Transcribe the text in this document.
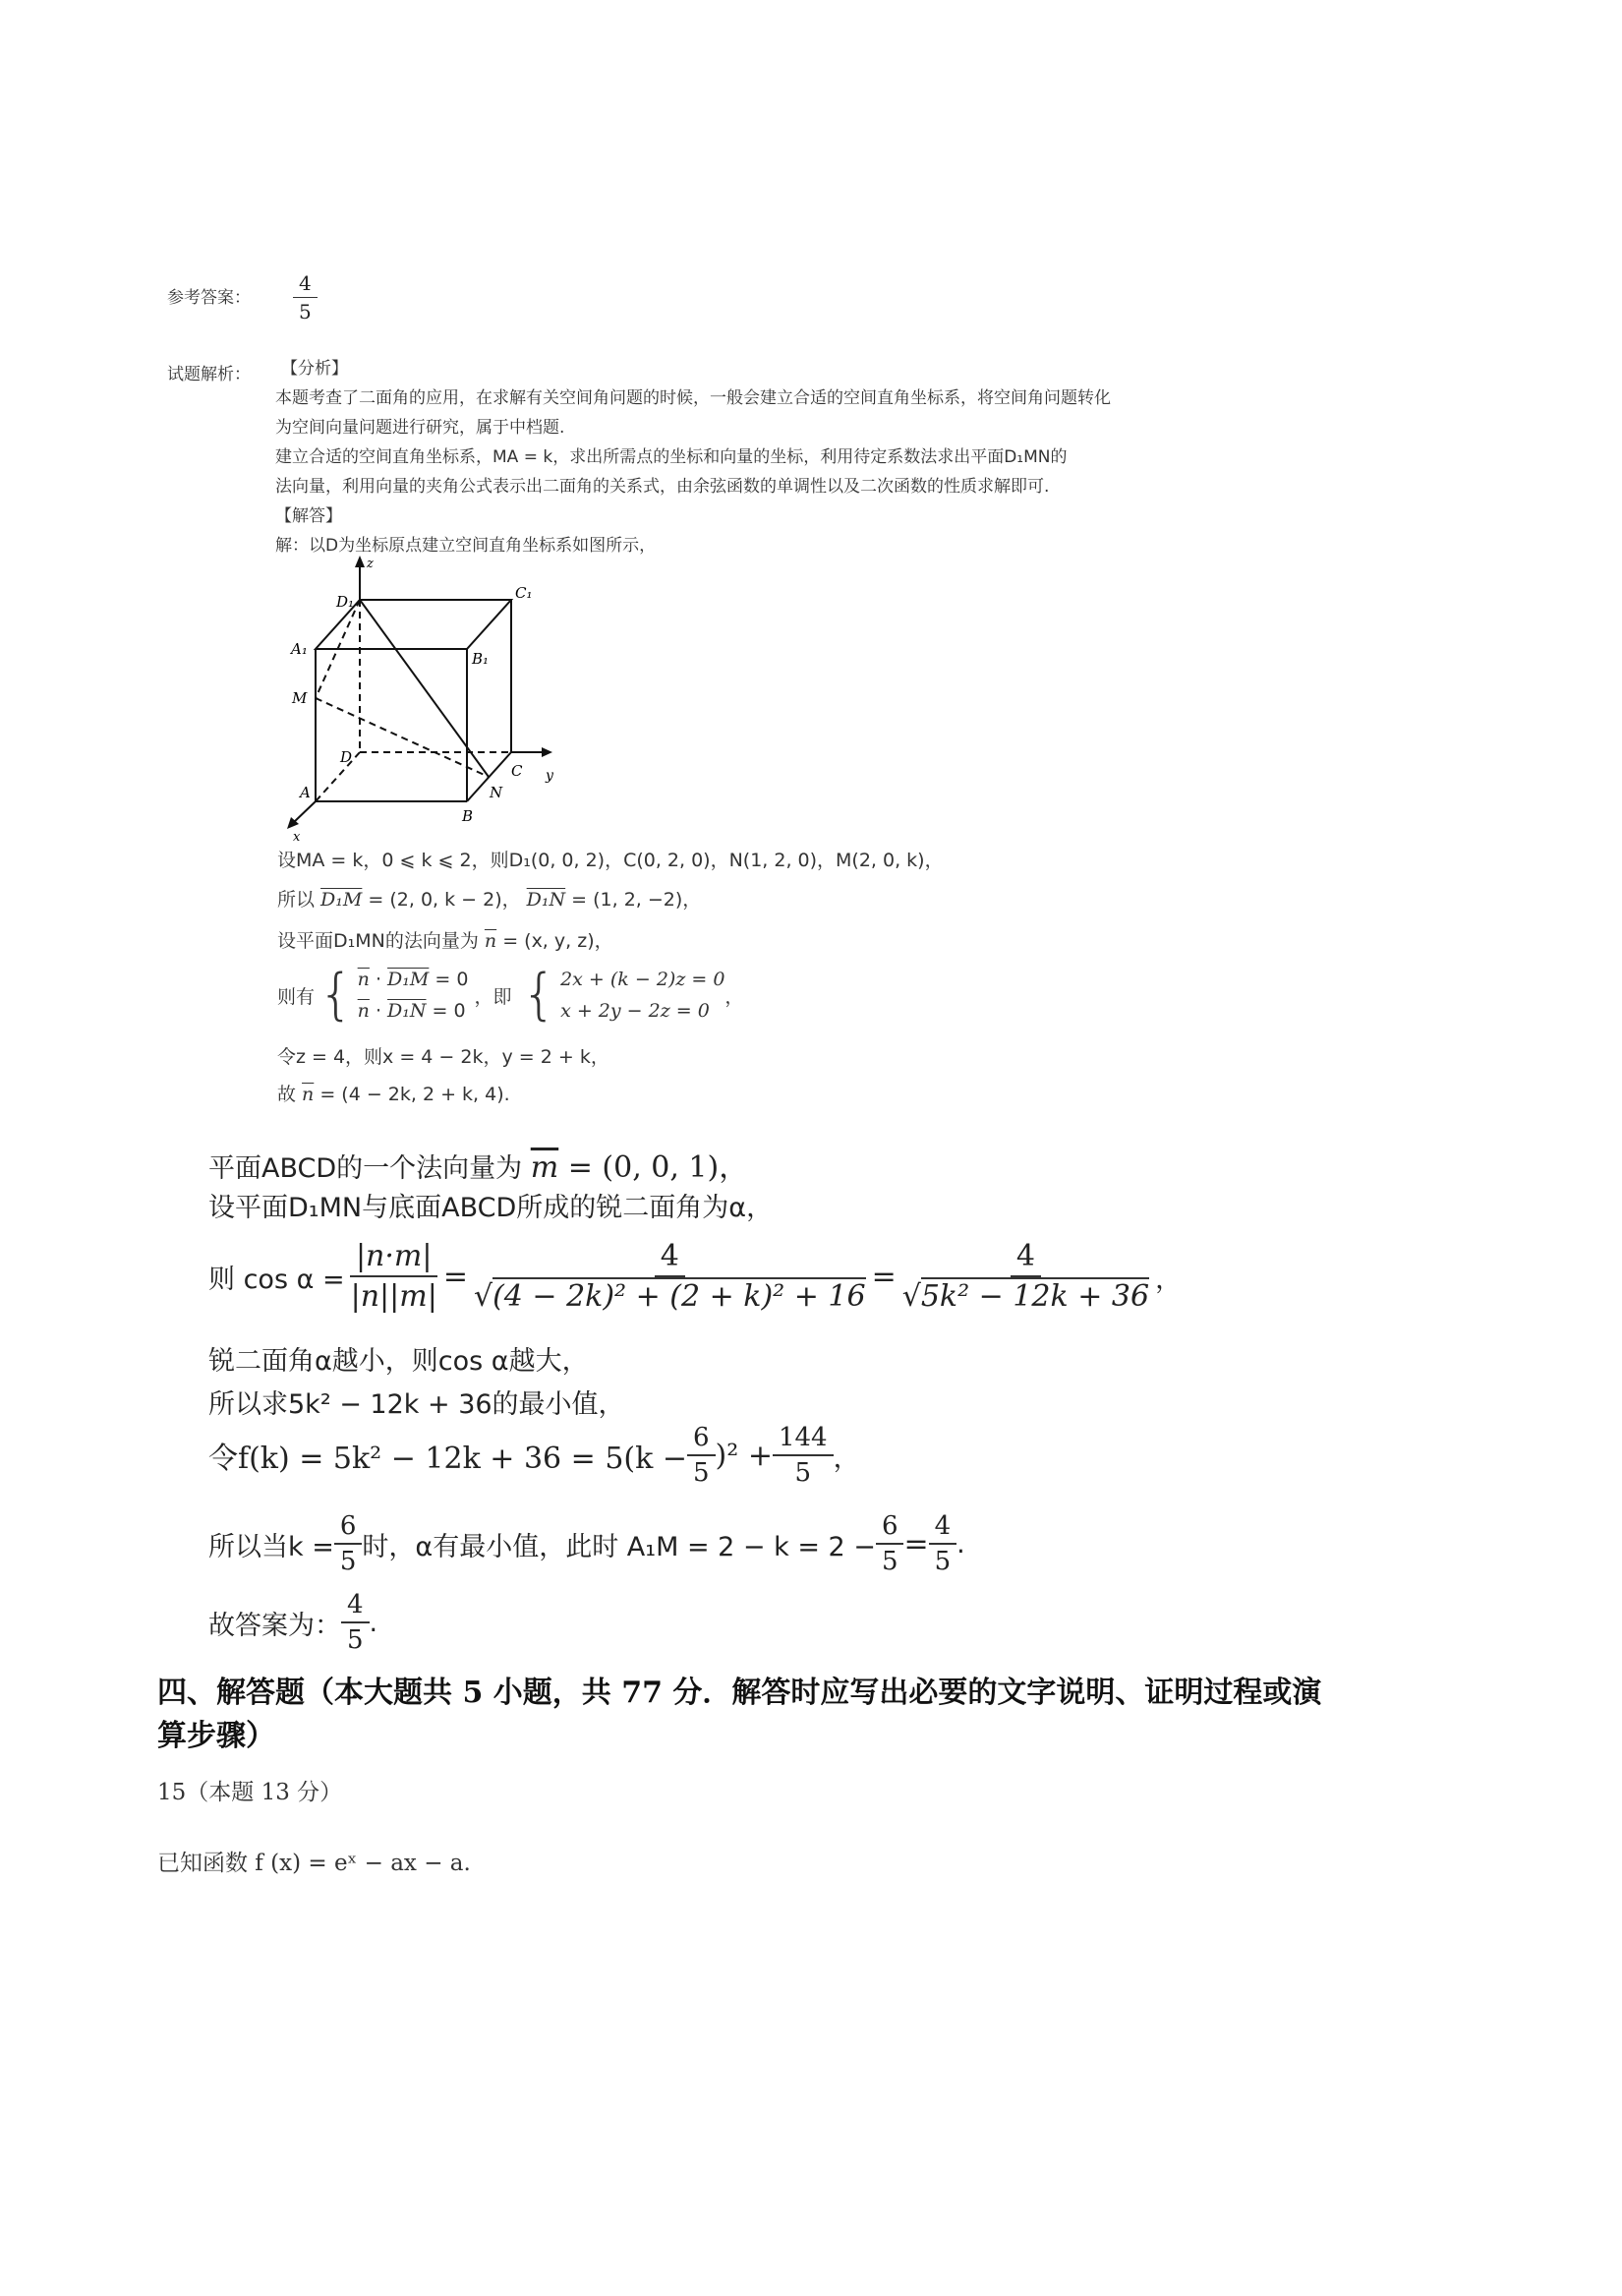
参考答案： $\frac{4}{5}$
试题解析： 【分析】
本题考查了二面角的应用，在求解有关空间角问题的时候，一般会建立合适的空间直角坐标系，将空间角问题转化
为空间向量问题进行研究，属于中档题.
建立合适的空间直角坐标系，MA = k，求出所需点的坐标和向量的坐标，利用待定系数法求出平面D₁MN的
法向量，利用向量的夹角公式表示出二面角的关系式，由余弦函数的单调性以及二次函数的性质求解即可.
【解答】
解：以D为坐标原点建立空间直角坐标系如图所示，
z
D₁	C₁
A₁
B₁
M
D
C y
A	N
B
x
设MA = k，0 ⩽ k ⩽ 2，则D₁(0, 0, 2)，C(0, 2, 0)，N(1, 2, 0)，M(2, 0, k)，
所以 D₁M = (2, 0, k − 2)， D₁N = (1, 2, −2)，
设平面D₁MN的法向量为 $\overline{n} = (x$, y, z)，
则有 { $\overline{n} \cdot D_1M = 0$
$\overline{n} \cdot D_1N = 0$
，即 { 2x + (k − 2)z = 0
x + 2y − 2z = 0
，
令z = 4，则x = 4 − 2k，y = 2 + k，
故 $\overline{n} = (4 - 2k$, 2 + k, 4).
平面ABCD的一个法向量为 $\overline{m} = (0$, 0, 1)，
设平面D₁MN与底面ABCD所成的锐二面角为α，
则 $\cos \alpha = \frac{|n\cdot m|}{|n||m|} = \frac{4}{\text{√(4 − 2k)² + (2 + k)² + 16}} = \frac{4}{\text{√5k² − 12k + 36}}$ ，
锐二面角α越小，则cos α越大，
所以求5k² − 12k + 36的最小值，
令$f(k) = 5k^2 - 12k + 36 = 5(k - \frac{6}{5} )^2 + \frac{144}{5}$ ，
所以当$k = \frac{6}{5}$ 时，α有最小值，此时 $A_1M = 2 - k = 2 - \frac{6}{5} = \frac{4}{5}$ .
故答案为： $\frac{4}{5}$ .
四、解答题（本大题共 5 小题，共 77 分．解答时应写出必要的文字说明、证明过程或演
算步骤）
15（本题 13 分）
已知函数 f (x) = eˣ − ax − a.
